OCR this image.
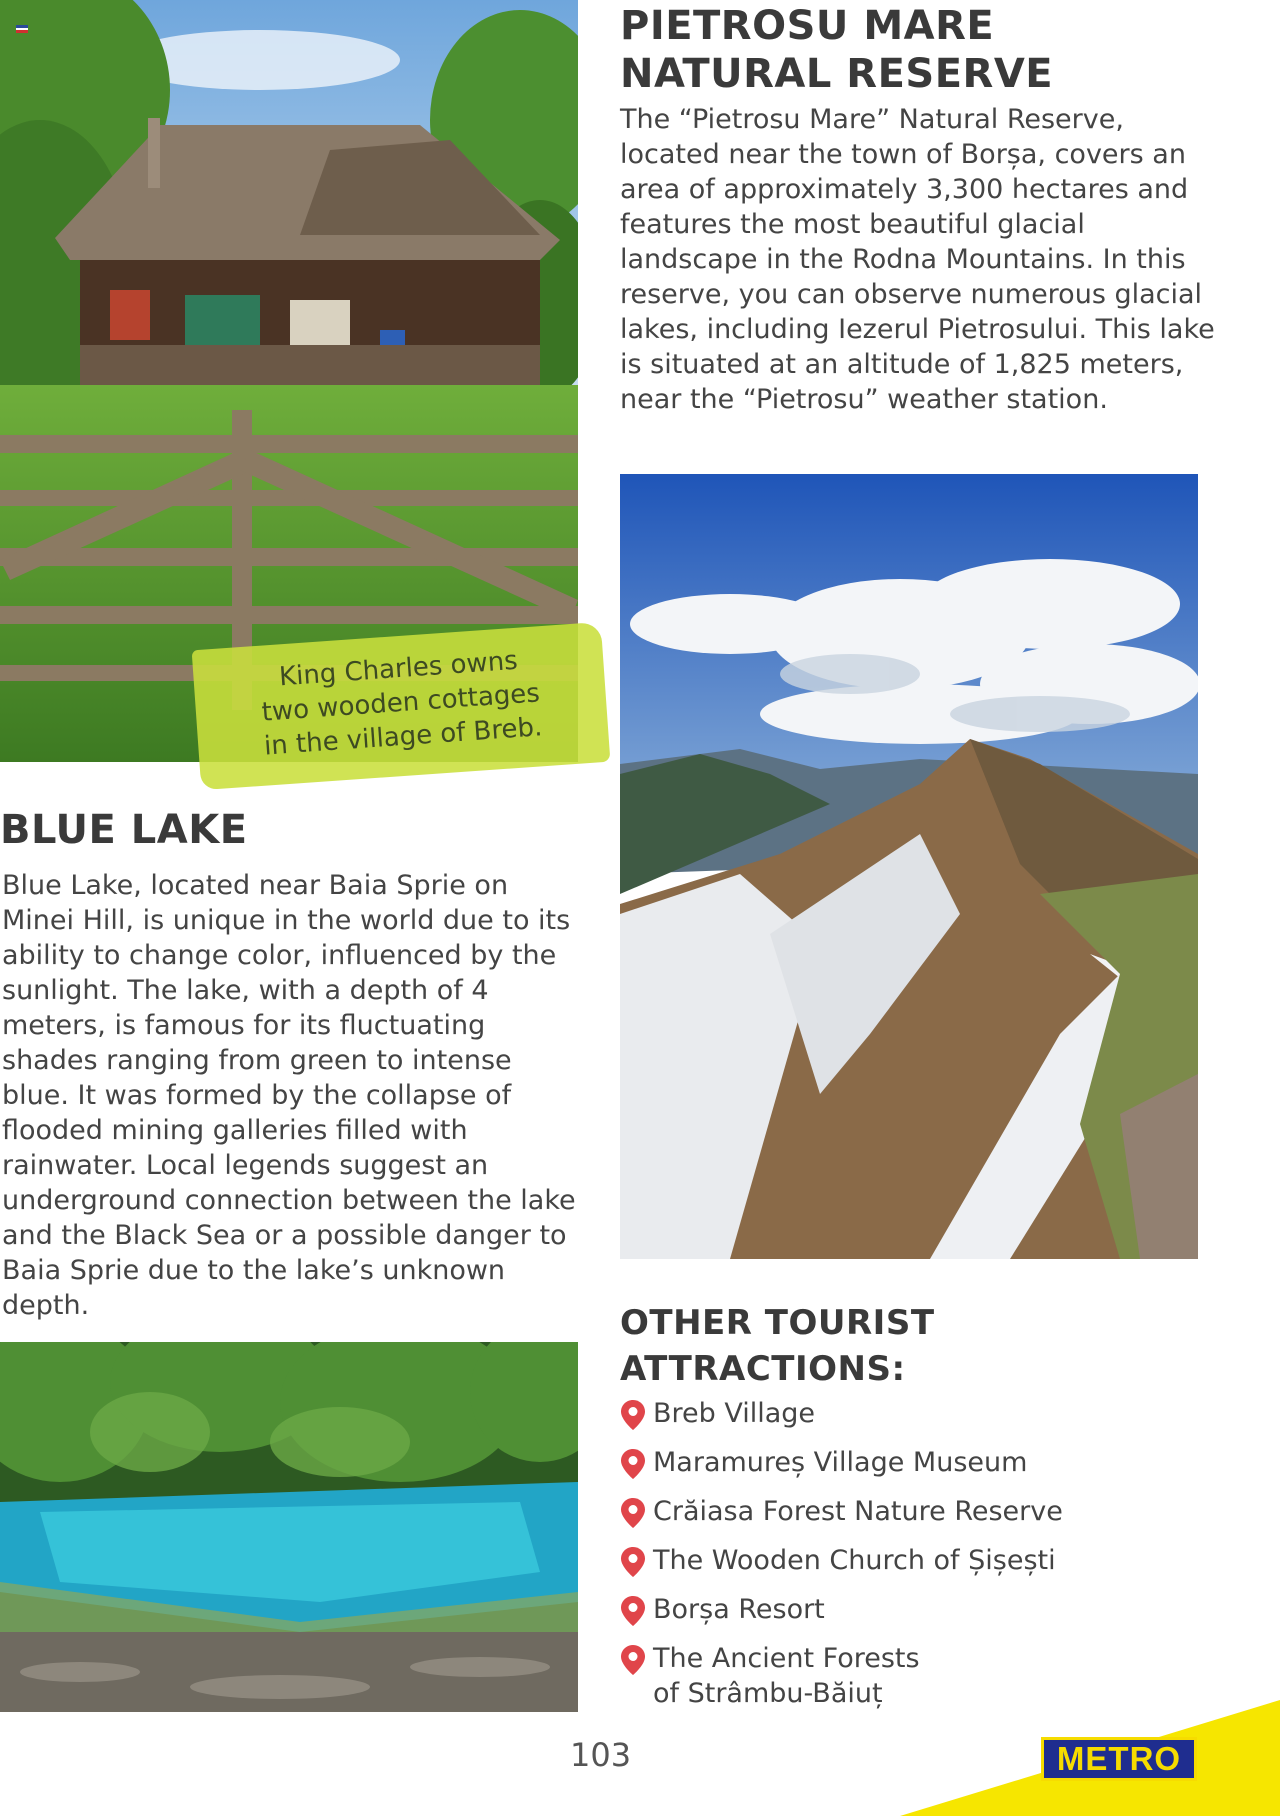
King Charles owns
two wooden cottages
in the village of Breb.
PIETROSU MARE
NATURAL RESERVE

The “Pietrosu Mare” Natural Reserve, located near the town of Borșa, covers an area of approximately 3,300 hectares and features the most beautiful glacial landscape in the Rodna Mountains. In this reserve, you can observe numerous glacial lakes, including Iezerul Pietrosului. This lake is situated at an altitude of 1,825 meters, near the “Pietrosu” weather station.

BLUE LAKE

Blue Lake, located near Baia Sprie on Minei Hill, is unique in the world due to its ability to change color, influenced by the sunlight. The lake, with a depth of 4 meters, is famous for its fluctuating shades ranging from green to intense blue. It was formed by the collapse of flooded mining galleries filled with rainwater. Local legends suggest an underground connection between the lake and the Black Sea or a possible danger to Baia Sprie due to the lake’s unknown depth.	OTHER TOURIST
ATTRACTIONS:
Breb Village
Maramureș Village Museum
Crăiasa Forest Nature Reserve
The Wooden Church of Șișești
Borșa Resort
The Ancient Forests
of Strâmbu-Băiuț
103	METRO
